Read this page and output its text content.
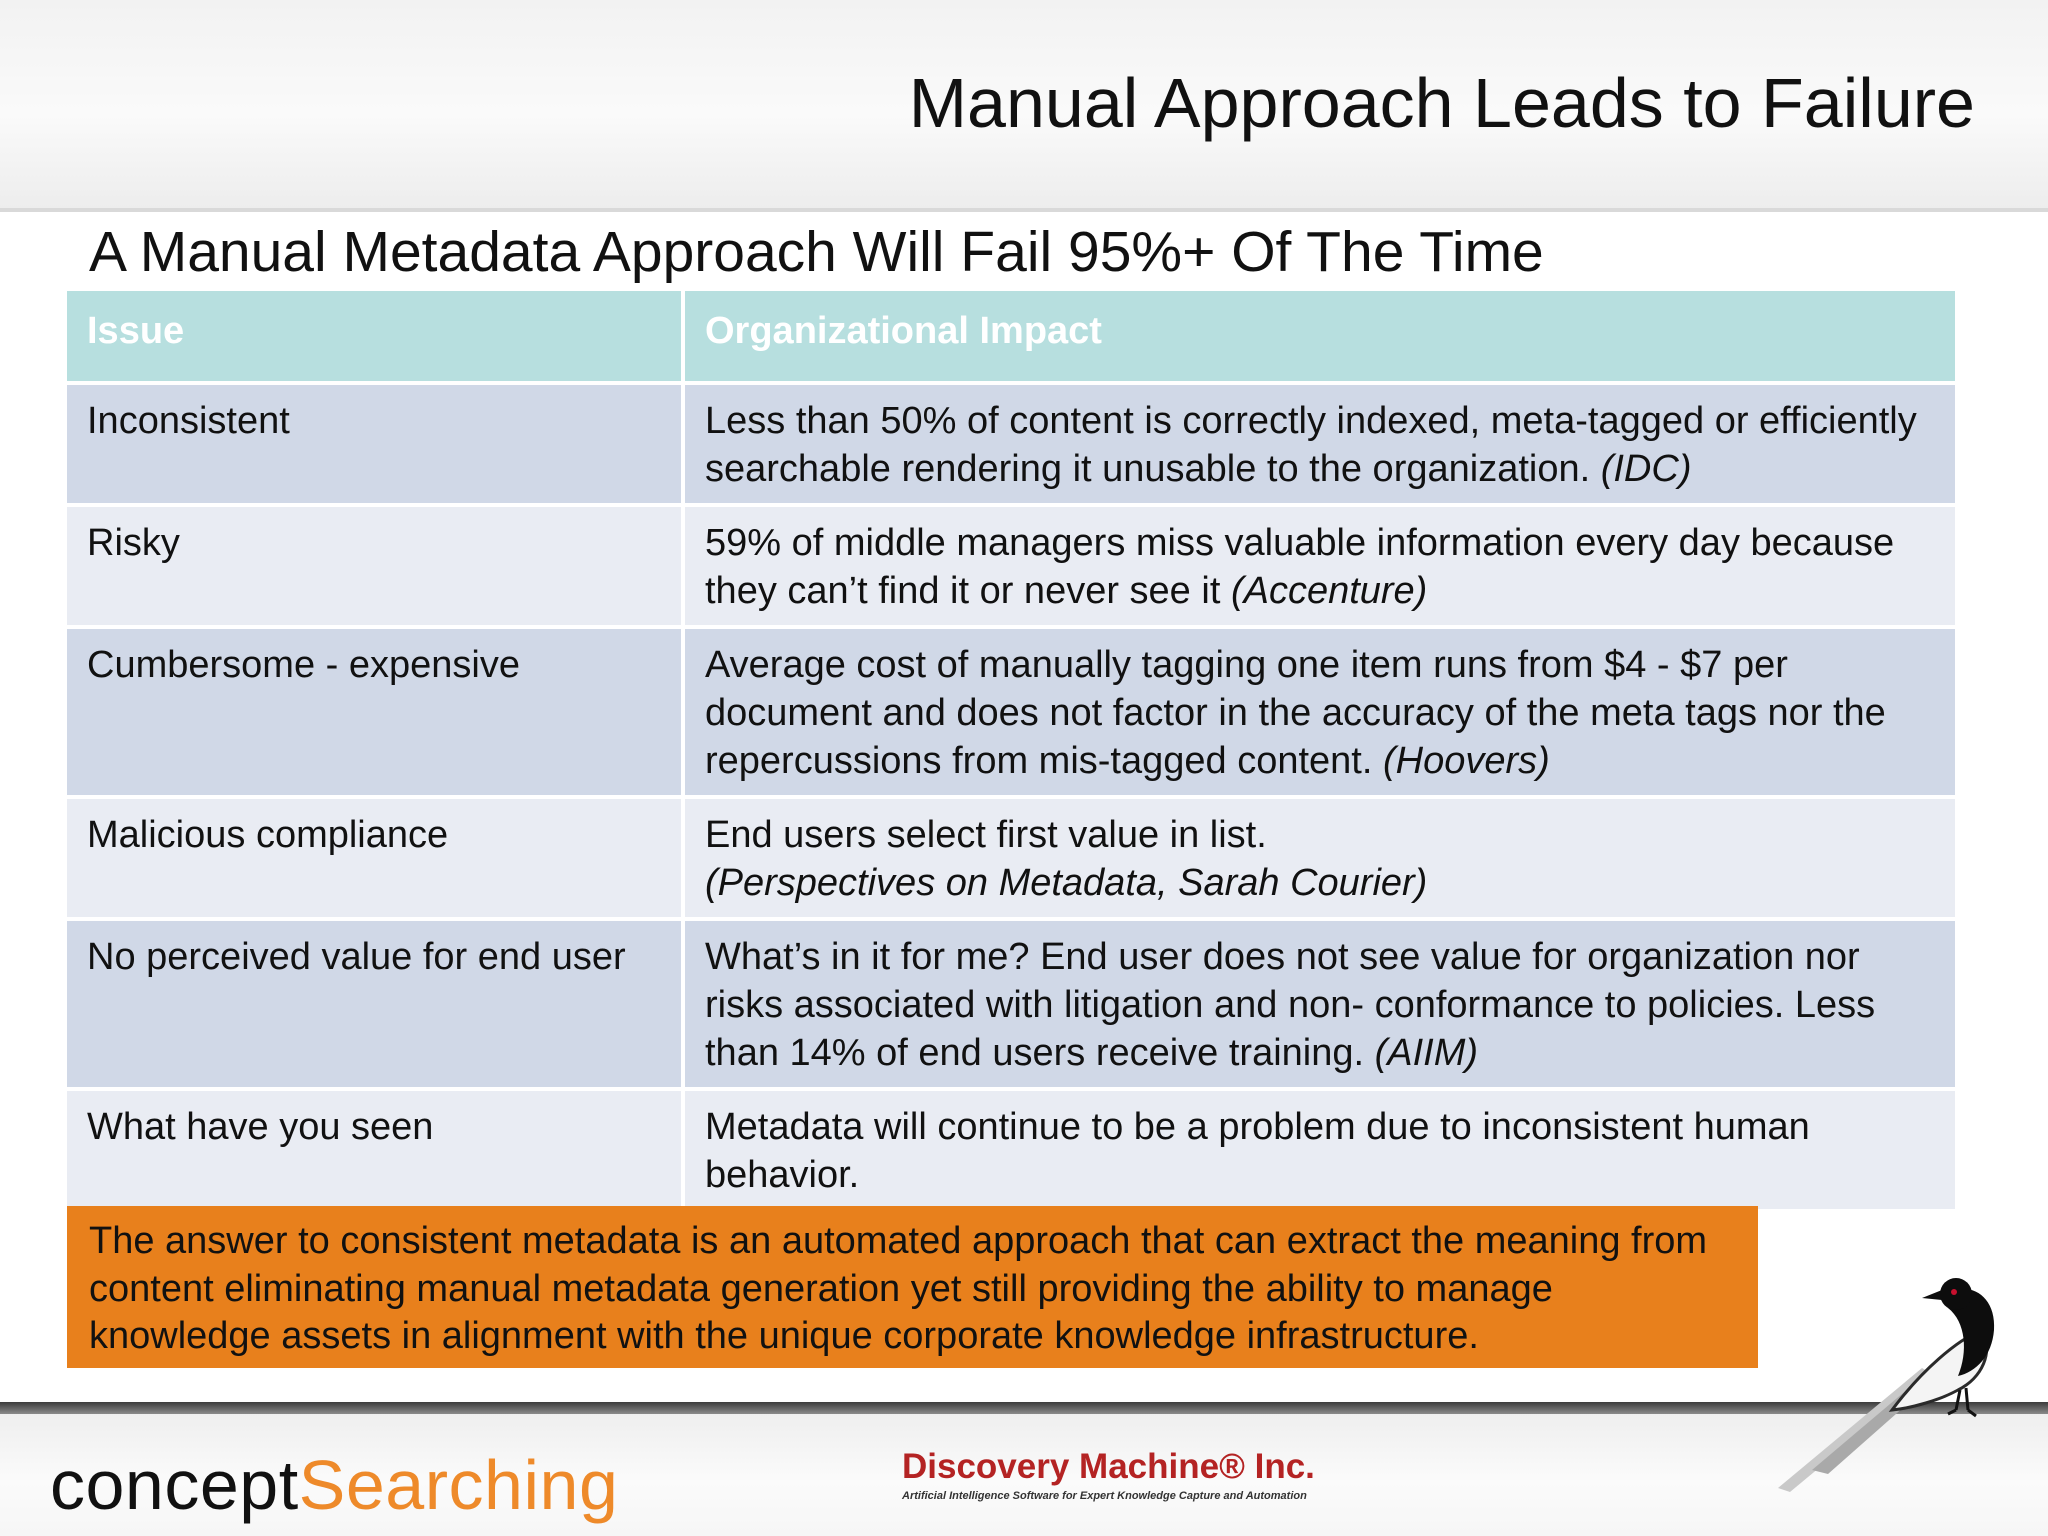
Manual Approach Leads to Failure
A Manual Metadata Approach Will Fail 95%+ Of The Time
Issue	Organizational Impact
Inconsistent	Less than 50% of content is correctly indexed, meta-tagged or efficiently searchable rendering it unusable to the organization. (IDC)
Risky	59% of middle managers miss valuable information every day because they can’t find it or never see it (Accenture)
Cumbersome - expensive	Average cost of manually tagging one item runs from $4 - $7 per document and does not factor in the accuracy of the meta tags nor the repercussions from mis-tagged content. (Hoovers)
Malicious compliance	End users select first value in list.
(Perspectives on Metadata, Sarah Courier)
No perceived value for end user	What’s in it for me? End user does not see value for organization nor risks associated with litigation and non- conformance to policies. Less than 14% of end users receive training. (AIIM)
What have you seen	Metadata will continue to be a problem due to inconsistent human behavior.
The answer to consistent metadata is an automated approach that can extract the meaning from content eliminating manual metadata generation yet still providing the ability to manage knowledge assets in alignment with the unique corporate knowledge infrastructure.
conceptSearching	Discovery Machine® Inc.
Artificial Intelligence Software for Expert Knowledge Capture and Automation
